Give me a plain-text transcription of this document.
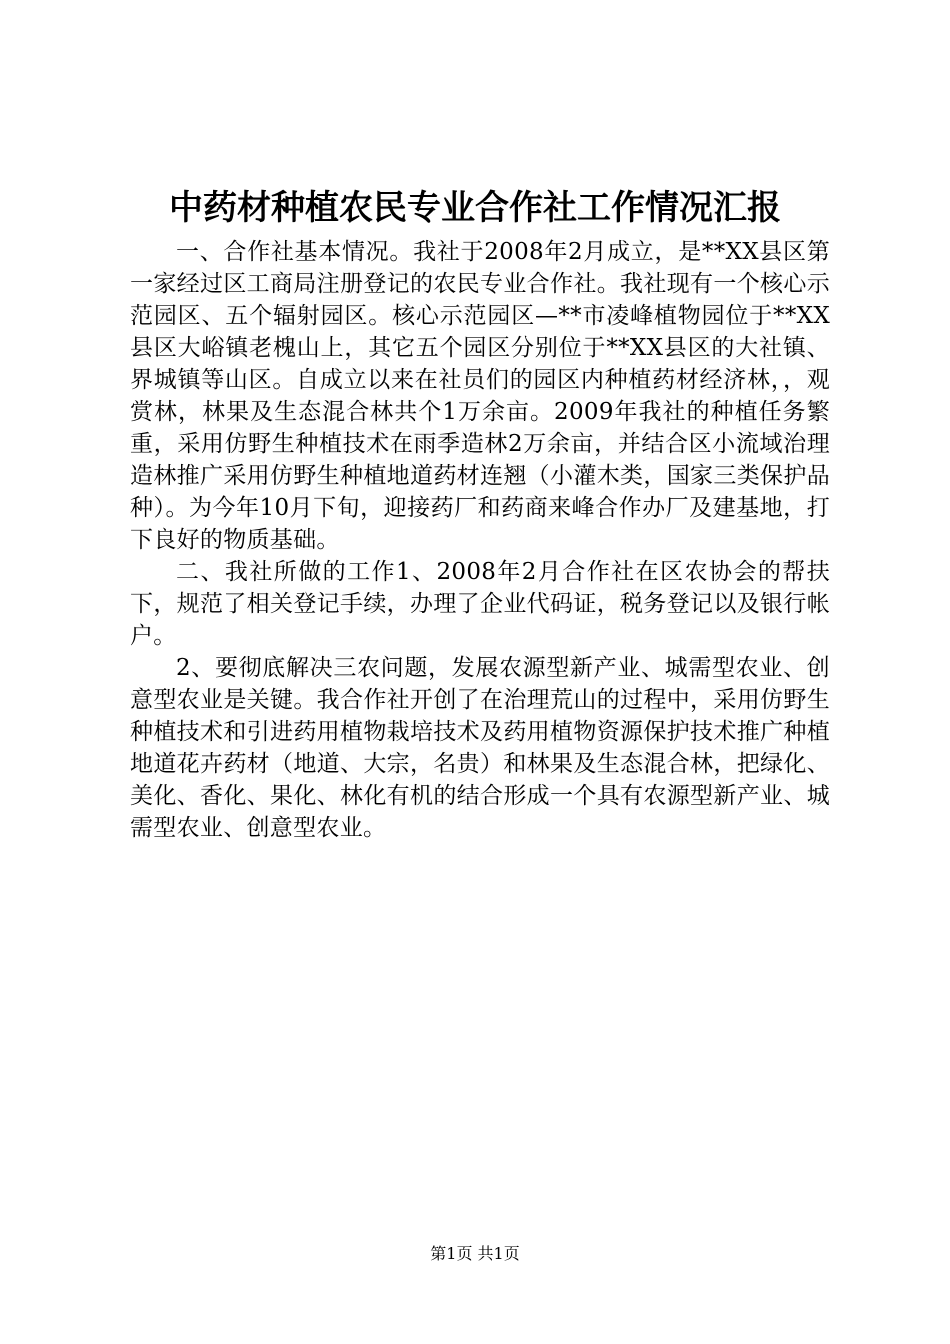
中药材种植农民专业合作社工作情况汇报

一、合作社基本情况。我社于2008年2月成立，是**XX县区第一家经过区工商局注册登记的农民专业合作社。我社现有一个核心示范园区、五个辐射园区。核心示范园区—**市凌峰植物园位于**XX县区大峪镇老槐山上，其它五个园区分别位于**XX县区的大社镇、界城镇等山区。自成立以来在社员们的园区内种植药材经济林，，观赏林，林果及生态混合林共个1万余亩。2009年我社的种植任务繁重，采用仿野生种植技术在雨季造林2万余亩，并结合区小流域治理造林推广采用仿野生种植地道药材连翘（小灌木类，国家三类保护品种）。为今年10月下旬，迎接药厂和药商来峰合作办厂及建基地，打下良好的物质基础。

二、我社所做的工作1、2008年2月合作社在区农协会的帮扶下，规范了相关登记手续，办理了企业代码证，税务登记以及银行帐户。

2、要彻底解决三农问题，发展农源型新产业、城需型农业、创意型农业是关键。我合作社开创了在治理荒山的过程中，采用仿野生种植技术和引进药用植物栽培技术及药用植物资源保护技术推广种植地道花卉药材（地道、大宗，名贵）和林果及生态混合林，把绿化、美化、香化、果化、林化有机的结合形成一个具有农源型新产业、城需型农业、创意型农业。

第1页 共1页
